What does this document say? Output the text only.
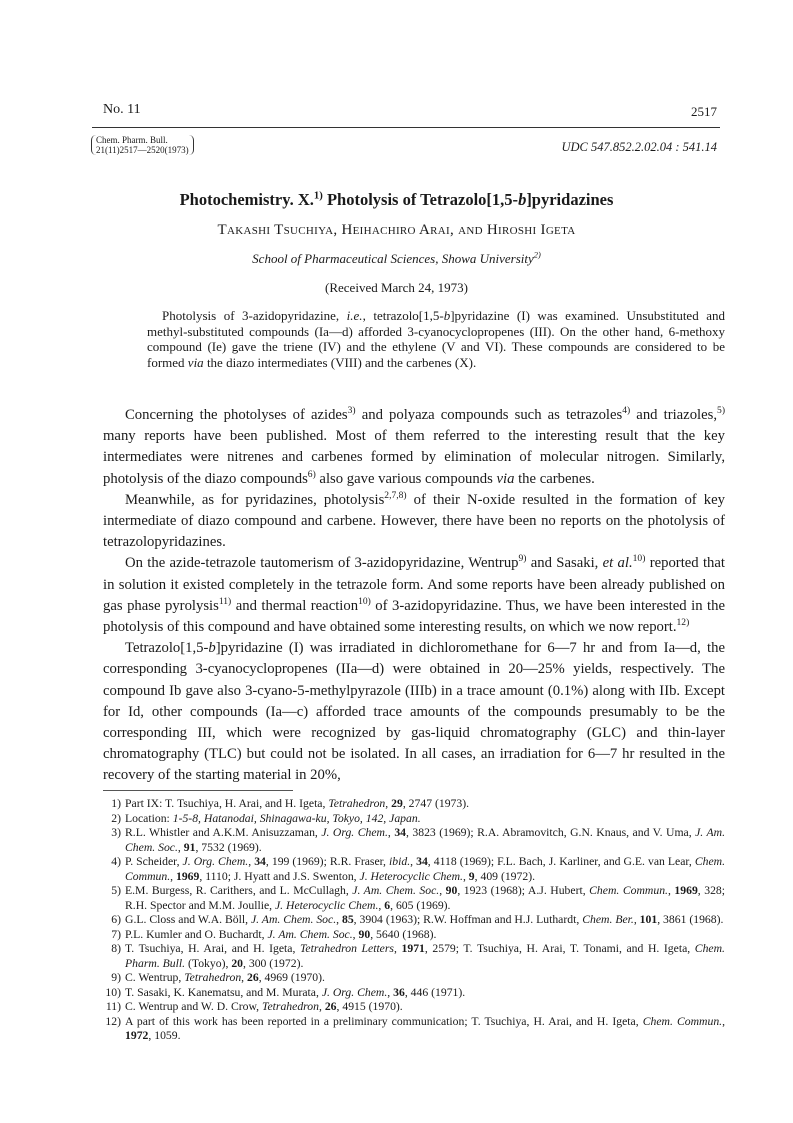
No. 11	2517
Chem. Pharm. Bull.
21(11)2517—2520(1973)	UDC 547.852.2.02.04 : 541.14
Photochemistry. X.$^{1)}$ Photolysis of Tetrazolo[1,5-b]pyridazines
Takashi Tsuchiya, Heihachiro Arai, and Hiroshi Igeta
School of Pharmaceutical Sciences, Showa University$^{2)}$
(Received March 24, 1973)

Photolysis of 3-azidopyridazine, i.e., tetrazolo[1,5-b]pyridazine (I) was examined. Unsubstituted and methyl-substituted compounds (Ia—d) afforded 3-cyanocyclopropenes (III). On the other hand, 6-methoxy compound (Ie) gave the triene (IV) and the ethylene (V and VI). These compounds are considered to be formed via the diazo intermediates (VIII) and the carbenes (X).

Concerning the photolyses of azides$^{3)}$ and polyaza compounds such as tetrazoles$^{4)}$ and triazoles,$^{5)}$ many reports have been published. Most of them referred to the interesting result that the key intermediates were nitrenes and carbenes formed by elimination of molecular nitrogen. Similarly, photolysis of the diazo compounds$^{6)}$ also gave various compounds via the carbenes.

Meanwhile, as for pyridazines, photolysis$^{2,7,8)}$ of their N-oxide resulted in the formation of key intermediate of diazo compound and carbene. However, there have been no reports on the photolysis of tetrazolopyridazines.

On the azide-tetrazole tautomerism of 3-azidopyridazine, Wentrup$^{9)}$ and Sasaki, et al.$^{10)}$ reported that in solution it existed completely in the tetrazole form. And some reports have been already published on gas phase pyrolysis$^{11)}$ and thermal reaction$^{10)}$ of 3-azidopyridazine. Thus, we have been interested in the photolysis of this compound and have obtained some interesting results, on which we now report.$^{12)}$

Tetrazolo[1,5-b]pyridazine (I) was irradiated in dichloromethane for 6—7 hr and from Ia—d, the corresponding 3-cyanocyclopropenes (IIa—d) were obtained in 20—25% yields, respectively. The compound Ib gave also 3-cyano-5-methylpyrazole (IIIb) in a trace amount (0.1%) along with IIb. Except for Id, other compounds (Ia—c) afforded trace amounts of the compounds presumably to be the corresponding III, which were recognized by gas-liquid chromatography (GLC) and thin-layer chromatography (TLC) but could not be isolated. In all cases, an irradiation for 6—7 hr resulted in the recovery of the starting material in 20%,

1) Part IX: T. Tsuchiya, H. Arai, and H. Igeta, Tetrahedron, 29, 2747 (1973).
2) Location: 1-5-8, Hatanodai, Shinagawa-ku, Tokyo, 142, Japan.
3) R.L. Whistler and A.K.M. Anisuzzaman, J. Org. Chem., 34, 3823 (1969); R.A. Abramovitch, G.N. Knaus, and V. Uma, J. Am. Chem. Soc., 91, 7532 (1969).
4) P. Scheider, J. Org. Chem., 34, 199 (1969); R.R. Fraser, ibid., 34, 4118 (1969); F.L. Bach, J. Karliner, and G.E. van Lear, Chem. Commun., 1969, 1110; J. Hyatt and J.S. Swenton, J. Heterocyclic Chem., 9, 409 (1972).
5) E.M. Burgess, R. Carithers, and L. McCullagh, J. Am. Chem. Soc., 90, 1923 (1968); A.J. Hubert, Chem. Commun., 1969, 328; R.H. Spector and M.M. Joullie, J. Heterocyclic Chem., 6, 605 (1969).
6) G.L. Closs and W.A. Böll, J. Am. Chem. Soc., 85, 3904 (1963); R.W. Hoffman and H.J. Luthardt, Chem. Ber., 101, 3861 (1968).
7) P.L. Kumler and O. Buchardt, J. Am. Chem. Soc., 90, 5640 (1968).
8) T. Tsuchiya, H. Arai, and H. Igeta, Tetrahedron Letters, 1971, 2579; T. Tsuchiya, H. Arai, T. Tonami, and H. Igeta, Chem. Pharm. Bull. (Tokyo), 20, 300 (1972).
9) C. Wentrup, Tetrahedron, 26, 4969 (1970).
10) T. Sasaki, K. Kanematsu, and M. Murata, J. Org. Chem., 36, 446 (1971).
11) C. Wentrup and W. D. Crow, Tetrahedron, 26, 4915 (1970).
12) A part of this work has been reported in a preliminary communication; T. Tsuchiya, H. Arai, and H. Igeta, Chem. Commun., 1972, 1059.
